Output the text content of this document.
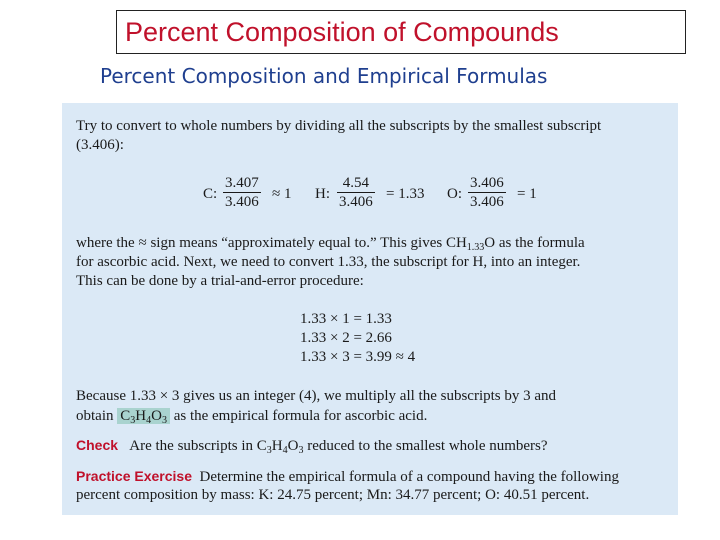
Percent Composition of Compounds
Percent Composition and Empirical Formulas
Try to convert to whole numbers by dividing all the subscripts by the smallest subscript
(3.406):
C: $\frac{3.407}{3.406} \approx 1$ H: $\frac{4.54}{3.406} = 1.33$ O: $\frac{3.406}{3.406} = 1$
where the ≈ sign means “approximately equal to.” This gives $CH_{1.33}O$ as the formula
for ascorbic acid. Next, we need to convert 1.33, the subscript for H, into an integer.
This can be done by a trial-and-error procedure:
1.33 × 1 = 1.33
1.33 × 2 = 2.66
1.33 × 3 = 3.99 ≈ 4
Because 1.33 × 3 gives us an integer (4), we multiply all the subscripts by 3 and
obtain $C_3H_4O_3$ as the empirical formula for ascorbic acid.
Check Are the subscripts in $C_3H_4O_3$ reduced to the smallest whole numbers?
Practice Exercise Determine the empirical formula of a compound having the following
percent composition by mass: K: 24.75 percent; Mn: 34.77 percent; O: 40.51 percent.
